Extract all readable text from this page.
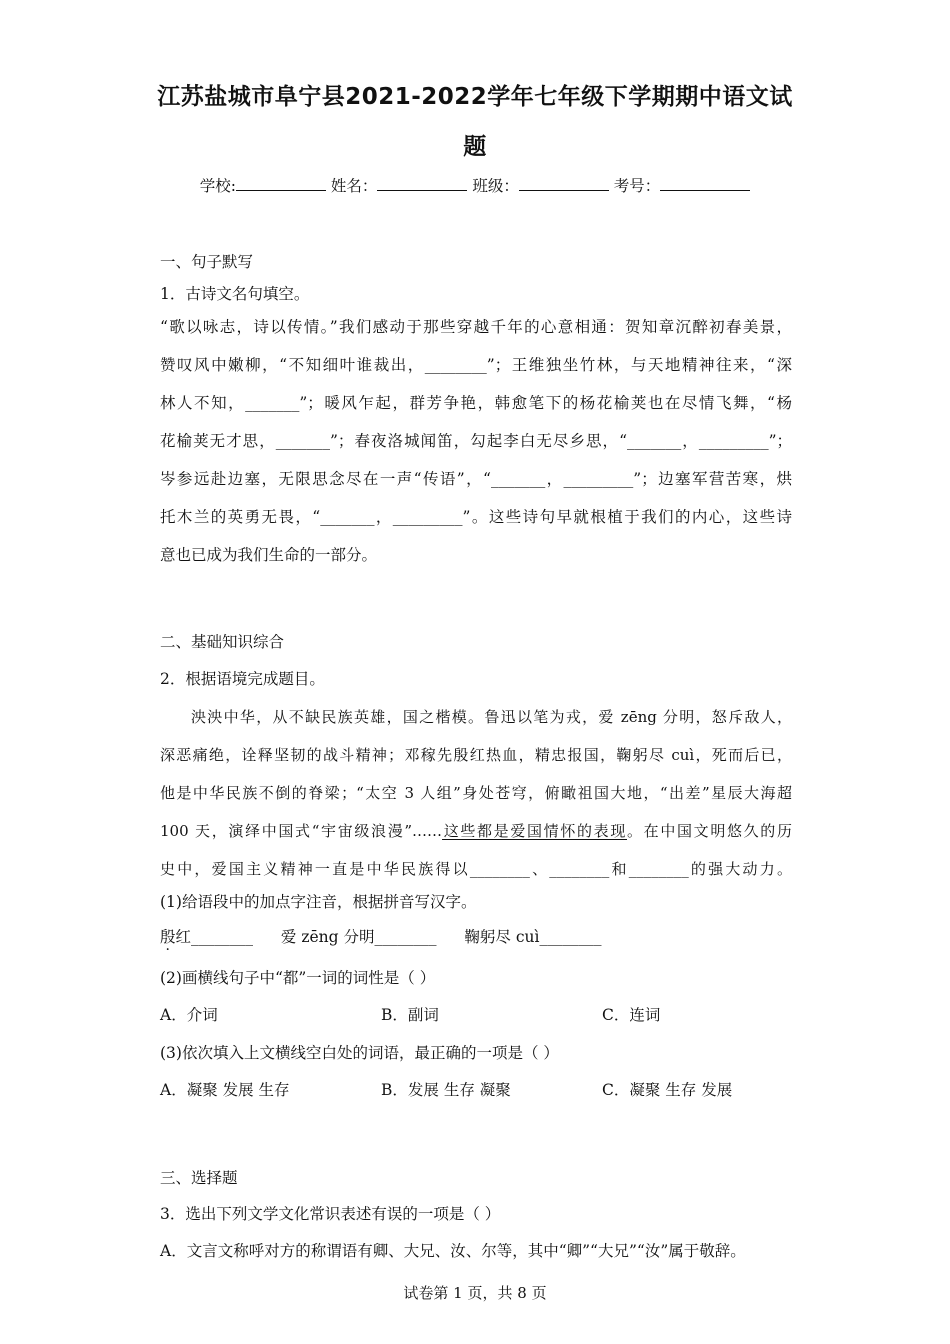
江苏盐城市阜宁县2021-2022学年七年级下学期期中语文试
题
学校:	姓名：	班级：	考号：
一、句子默写
1．古诗文名句填空。
“歌以咏志，诗以传情。”我们感动于那些穿越千年的心意相通：贺知章沉醉初春美景，
赞叹风中嫩柳，“不知细叶谁裁出，________”；王维独坐竹林，与天地精神往来，“深
林人不知，_______”；暖风乍起，群芳争艳，韩愈笔下的杨花榆荚也在尽情飞舞，“杨
花榆荚无才思，_______”；春夜洛城闻笛，勾起李白无尽乡思，“_______，_________”；
岑参远赴边塞，无限思念尽在一声“传语”，“_______，_________”；边塞军营苦寒，烘
托木兰的英勇无畏，“_______，_________”。这些诗句早就根植于我们的内心，这些诗
意也已成为我们生命的一部分。
二、基础知识综合
2．根据语境完成题目。
泱泱中华，从不缺民族英雄，国之楷模。鲁迅以笔为戎，爱 zēng 分明，怒斥敌人，
深恶痛绝，诠释坚韧的战斗精神；邓稼先殷 ·红热血，精忠报国，鞠躬尽 cuì，死而后已，
他是中华民族不倒的脊梁；“太空 3 人组”身处苍穹，俯瞰祖国大地，“出差”星辰大海超
100 天，演绎中国式“宇宙级浪漫”……这些都是爱国情怀的表现。在中国文明悠久的历
史中，爱国主义精神一直是中华民族得以________、________和________的强大动力。
(1)给语段中的加点字注音，根据拼音写汉字。
殷红________ 爱 zēng 分明________ 鞠躬尽 cuì________
(2)画横线句子中“都”一词的词性是（ ）
A．介词	B．副词	C．连词
(3)依次填入上文横线空白处的词语，最正确的一项是（ ）
A．凝聚 发展 生存	B．发展 生存 凝聚	C．凝聚 生存 发展
三、选择题
3．选出下列文学文化常识表述有误的一项是（ ）
A．文言文称呼对方的称谓语有卿、大兄、汝、尔等，其中“卿”“大兄”“汝”属于敬辞。
试卷第 1 页，共 8 页
